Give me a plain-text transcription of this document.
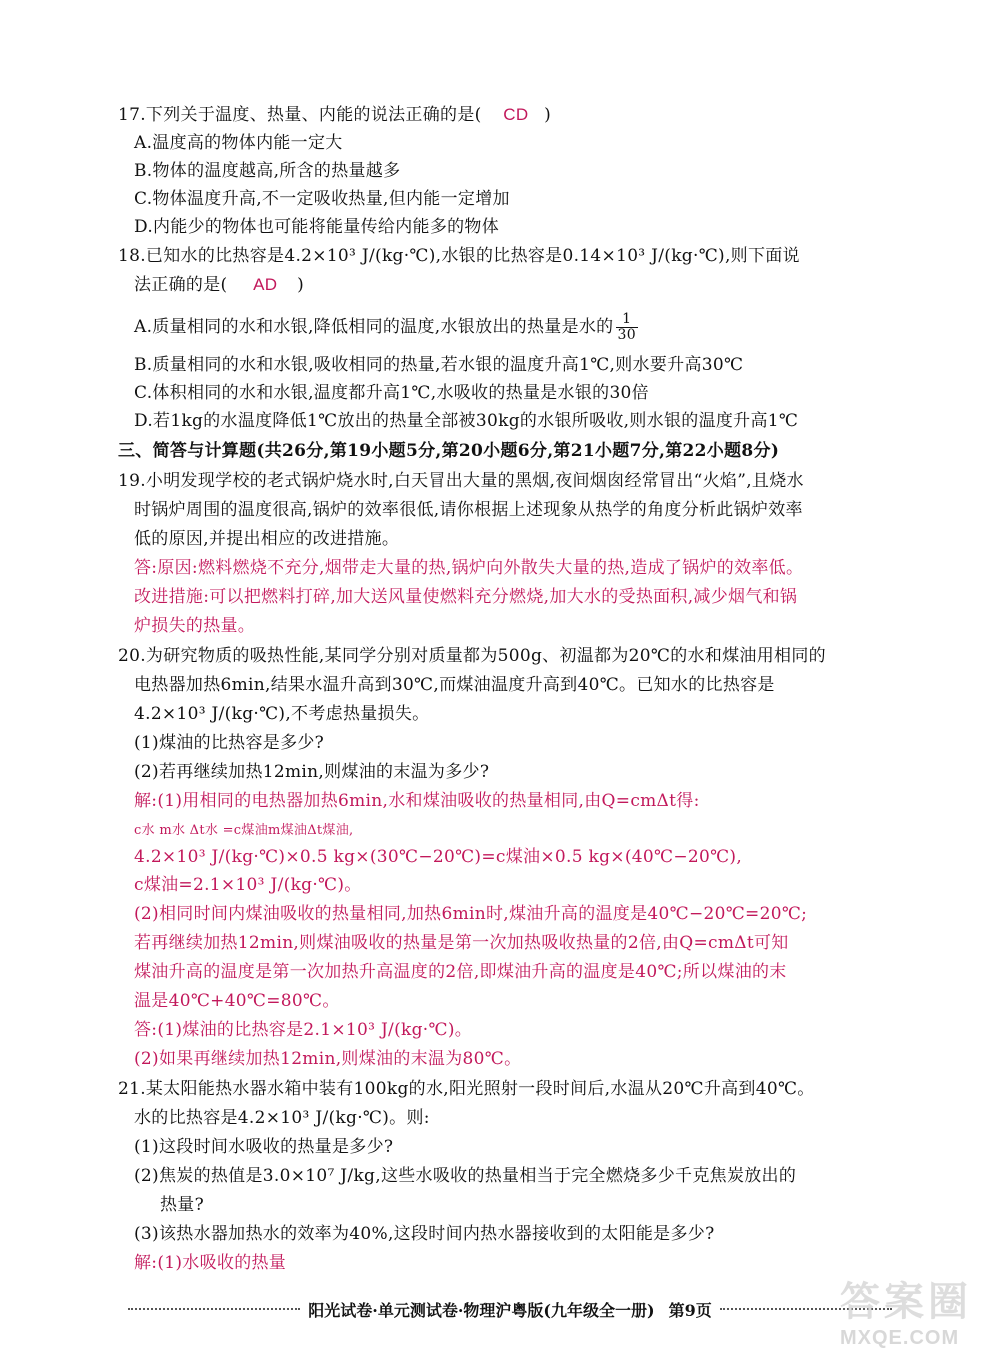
17.下列关于温度、热量、内能的说法正确的是( CD )
A.温度高的物体内能一定大
B.物体的温度越高,所含的热量越多
C.物体温度升高,不一定吸收热量,但内能一定增加
D.内能少的物体也可能将能量传给内能多的物体
18.已知水的比热容是4.2×10³ J/(kg·℃),水银的比热容是0.14×10³ J/(kg·℃),则下面说
法正确的是( AD )
A.质量相同的水和水银,降低相同的温度,水银放出的热量是水的 $\frac{1}{30}$
B.质量相同的水和水银,吸收相同的热量,若水银的温度升高1℃,则水要升高30℃
C.体积相同的水和水银,温度都升高1℃,水吸收的热量是水银的30倍
D.若1kg的水温度降低1℃放出的热量全部被30kg的水银所吸收,则水银的温度升高1℃
三、简答与计算题(共26分,第19小题5分,第20小题6分,第21小题7分,第22小题8分)
19.小明发现学校的老式锅炉烧水时,白天冒出大量的黑烟,夜间烟囱经常冒出“火焰”,且烧水
时锅炉周围的温度很高,锅炉的效率很低,请你根据上述现象从热学的角度分析此锅炉效率
低的原因,并提出相应的改进措施。
答:原因:燃料燃烧不充分,烟带走大量的热,锅炉向外散失大量的热,造成了锅炉的效率低。
改进措施:可以把燃料打碎,加大送风量使燃料充分燃烧,加大水的受热面积,减少烟气和锅
炉损失的热量。
20.为研究物质的吸热性能,某同学分别对质量都为500g、初温都为20℃的水和煤油用相同的
电热器加热6min,结果水温升高到30℃,而煤油温度升高到40℃。已知水的比热容是
4.2×10³ J/(kg·℃),不考虑热量损失。
(1)煤油的比热容是多少?
(2)若再继续加热12min,则煤油的末温为多少?
解:(1)用相同的电热器加热6min,水和煤油吸收的热量相同,由Q=cmΔt得:
c水 m水 Δt水 =c煤油m煤油Δt煤油,
4.2×10³ J/(kg·℃)×0.5 kg×(30℃−20℃)=c煤油×0.5 kg×(40℃−20℃),
c煤油=2.1×10³ J/(kg·℃)。
(2)相同时间内煤油吸收的热量相同,加热6min时,煤油升高的温度是40℃−20℃=20℃;
若再继续加热12min,则煤油吸收的热量是第一次加热吸收热量的2倍,由Q=cmΔt可知
煤油升高的温度是第一次加热升高温度的2倍,即煤油升高的温度是40℃;所以煤油的末
温是40℃+40℃=80℃。
答:(1)煤油的比热容是2.1×10³ J/(kg·℃)。
(2)如果再继续加热12min,则煤油的末温为80℃。
21.某太阳能热水器水箱中装有100kg的水,阳光照射一段时间后,水温从20℃升高到40℃。
水的比热容是4.2×10³ J/(kg·℃)。则:
(1)这段时间水吸收的热量是多少?
(2)焦炭的热值是3.0×10⁷ J/kg,这些水吸收的热量相当于完全燃烧多少千克焦炭放出的
热量?
(3)该热水器加热水的效率为40%,这段时间内热水器接收到的太阳能是多少?
解:(1)水吸收的热量
阳光试卷·单元测试卷·物理沪粤版(九年级全一册) 第9页	答案圈
MXQE.COM
